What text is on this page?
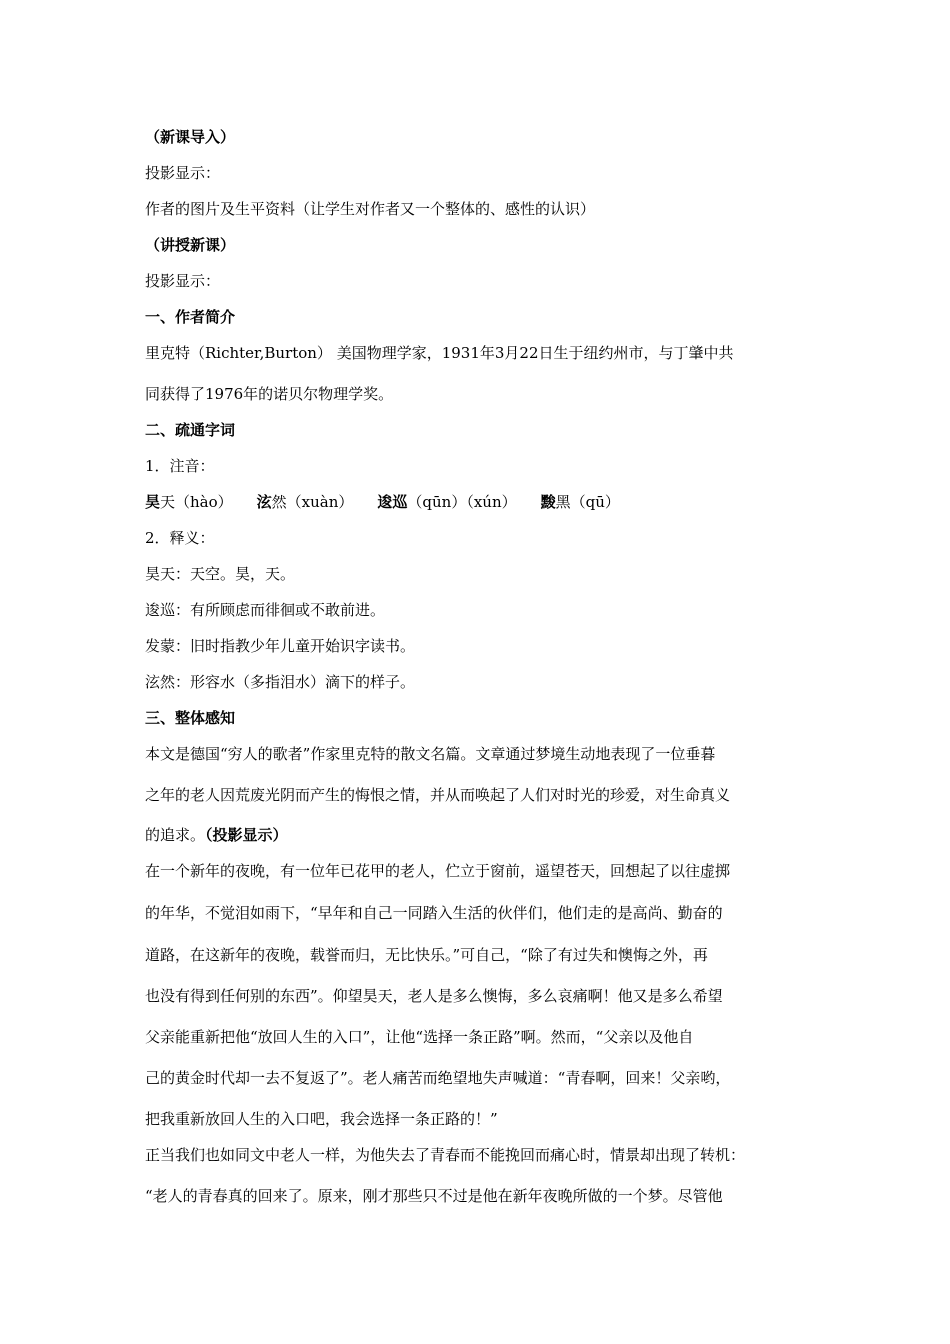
（新课导入）
投影显示：
作者的图片及生平资料（让学生对作者又一个整体的、感性的认识）
（讲授新课）
投影显示：
一、作者简介
里克特（Richter,Burton） 美国物理学家，1931年3月22日生于纽约州市，与丁肇中共
同获得了1976年的诺贝尔物理学奖。
二、疏通字词
1．注音：
昊天（hào） 泫然（xuàn） 逡巡（qūn）（xún） 黢黑（qū）
2．释义：
昊天：天空。昊，天。
逡巡：有所顾虑而徘徊或不敢前进。
发蒙：旧时指教少年儿童开始识字读书。
泫然：形容水（多指泪水）滴下的样子。
三、整体感知
本文是德国“穷人的歌者”作家里克特的散文名篇。文章通过梦境生动地表现了一位垂暮
之年的老人因荒废光阴而产生的悔恨之情，并从而唤起了人们对时光的珍爱，对生命真义
的追求。（投影显示）
在一个新年的夜晚，有一位年已花甲的老人，伫立于窗前，遥望苍天，回想起了以往虚掷
的年华，不觉泪如雨下，“早年和自己一同踏入生活的伙伴们，他们走的是高尚、勤奋的
道路，在这新年的夜晚，载誉而归，无比快乐。”可自己，“除了有过失和懊悔之外，再
也没有得到任何别的东西”。仰望昊天，老人是多么懊悔，多么哀痛啊！他又是多么希望
父亲能重新把他“放回人生的入口”，让他“选择一条正路”啊。然而，“父亲以及他自
己的黄金时代却一去不复返了”。老人痛苦而绝望地失声喊道：“青春啊，回来！父亲哟，
把我重新放回人生的入口吧，我会选择一条正路的！”
正当我们也如同文中老人一样，为他失去了青春而不能挽回而痛心时，情景却出现了转机：
“老人的青春真的回来了。原来，刚才那些只不过是他在新年夜晚所做的一个梦。尽管他
